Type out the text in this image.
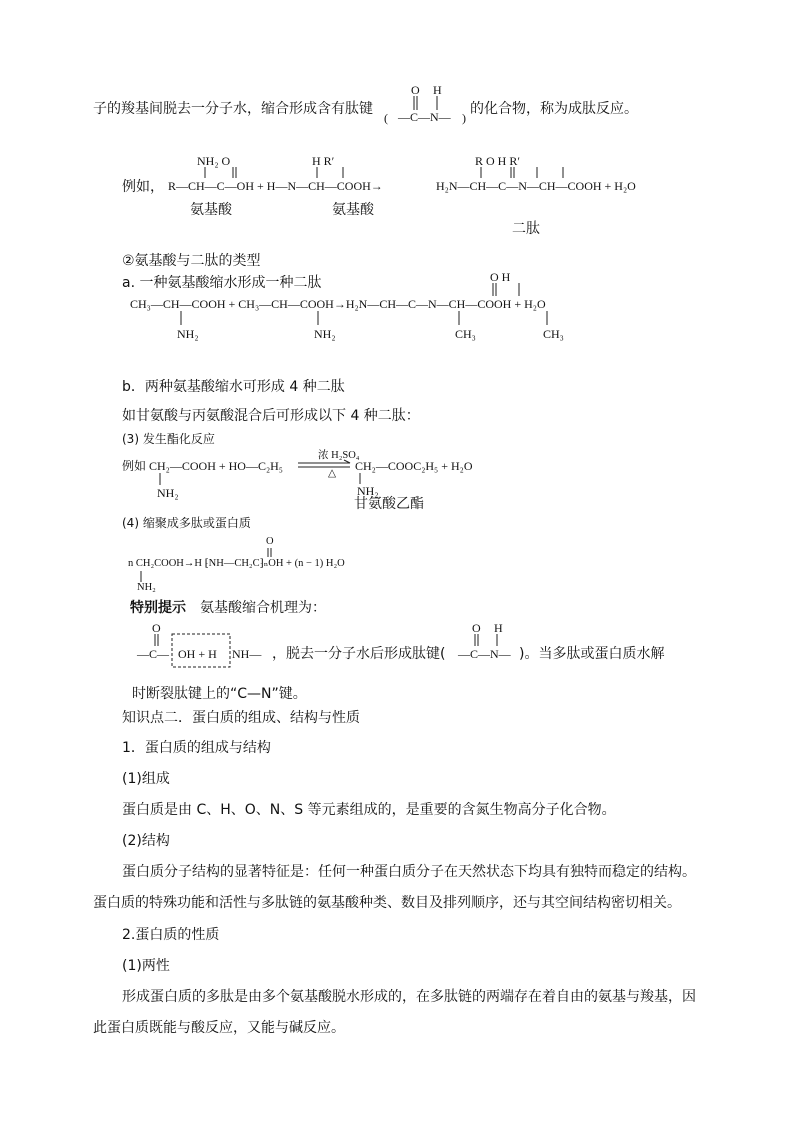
子的羧基间脱去一分子水，缩合形成含有肽键
O H
( —C—N— )
的化合物，称为成肽反应。
例如，
NH₂ O
R—CH—C—OH + H—N—CH—COOH→
H R′	R O H R′
H₂N—CH—C—N—CH—COOH + H₂O
氨基酸	氨基酸
二肽
②氨基酸与二肽的类型
a. 一种氨基酸缩水形成一种二肽	O H
CH₃—CH—COOH + CH₃—CH—COOH→H₂N—CH—C—N—CH—COOH + H₂O
NH₂	NH₂	CH₃	CH₃
b．两种氨基酸缩水可形成 4 种二肽
如甘氨酸与丙氨酸混合后可形成以下 4 种二肽：
(3) 发生酯化反应
例如 CH₂—COOH + HO—C₂H₅
浓 H₂SO₄
△
CH₂—COOC₂H₅ + H₂O
NH₂	NH₂
甘氨酸乙酯
(4) 缩聚成多肽或蛋白质
O
n CH₂COOH→H ⁅NH—CH₂C⁆ₙOH + (n − 1) H₂O
NH₂
特别提示 氨基酸缩合机理为：
O
—C— OH + H NH— ，脱去一分子水后形成肽键(
O H
—C—N— )。当多肽或蛋白质水解
时断裂肽键上的“C—N”键。
知识点二．蛋白质的组成、结构与性质
1．蛋白质的组成与结构
(1)组成
蛋白质是由 C、H、O、N、S 等元素组成的，是重要的含氮生物高分子化合物。
(2)结构
蛋白质分子结构的显著特征是：任何一种蛋白质分子在天然状态下均具有独特而稳定的结构。
蛋白质的特殊功能和活性与多肽链的氨基酸种类、数目及排列顺序，还与其空间结构密切相关。
2.蛋白质的性质
(1)两性
形成蛋白质的多肽是由多个氨基酸脱水形成的，在多肽链的两端存在着自由的氨基与羧基，因
此蛋白质既能与酸反应，又能与碱反应。
